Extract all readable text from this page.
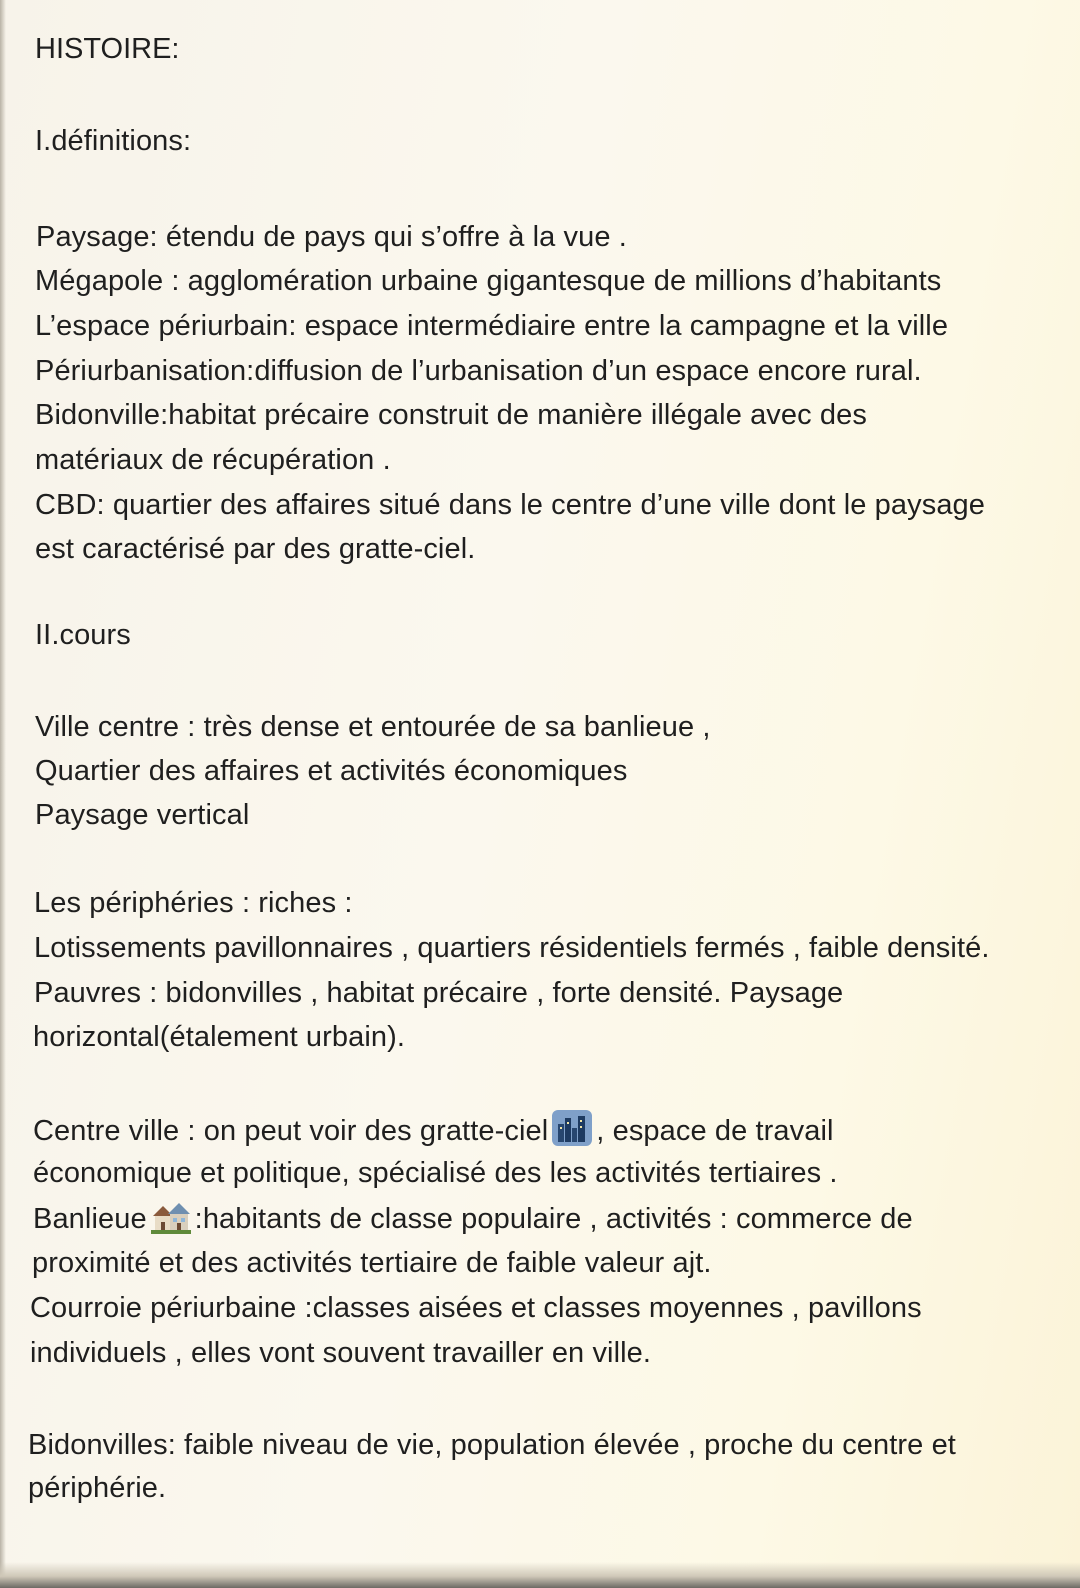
HISTOIRE:
I.définitions:
Paysage: étendu de pays qui s’offre à la vue .
Mégapole : agglomération urbaine gigantesque de millions d’habitants
L’espace périurbain: espace intermédiaire entre la campagne et la ville
Périurbanisation:diffusion de l’urbanisation d’un espace encore rural.
Bidonville:habitat précaire construit de manière illégale avec des
matériaux de récupération .
CBD: quartier des affaires situé dans le centre d’une ville dont le paysage
est caractérisé par des gratte-ciel.
II.cours
Ville centre : très dense et entourée de sa banlieue ,
Quartier des affaires et activités économiques
Paysage vertical
Les périphéries : riches :
Lotissements pavillonnaires , quartiers résidentiels fermés , faible densité.
Pauvres : bidonvilles , habitat précaire , forte densité. Paysage
horizontal(étalement urbain).
Centre ville : on peut voir des gratte-ciel , espace de travail
économique et politique, spécialisé des les activités tertiaires .
Banlieue :habitants de classe populaire , activités : commerce de
proximité et des activités tertiaire de faible valeur ajt.
Courroie périurbaine :classes aisées et classes moyennes , pavillons
individuels , elles vont souvent travailler en ville.
Bidonvilles: faible niveau de vie, population élevée , proche du centre et
périphérie.
